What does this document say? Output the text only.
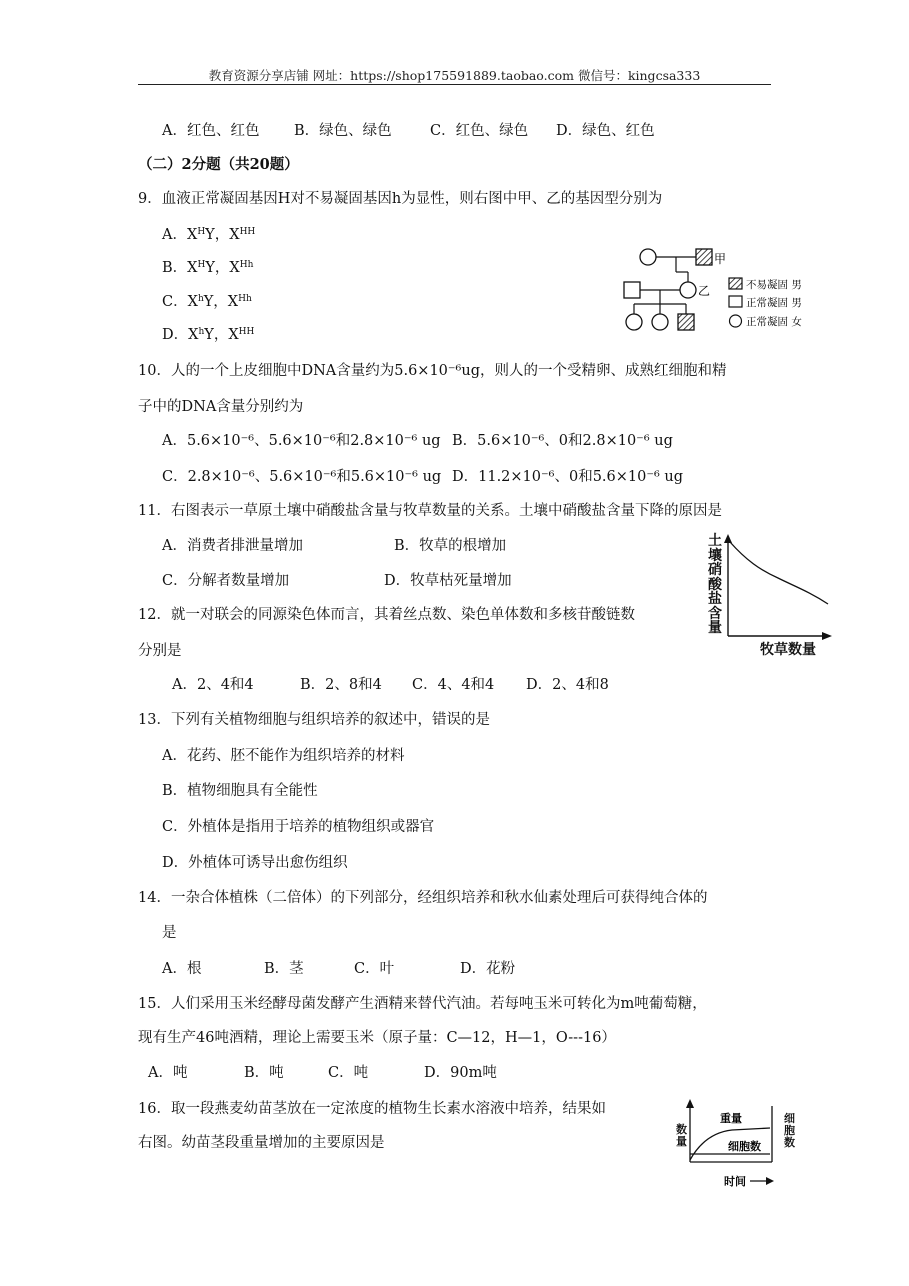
教育资源分享店铺 网址：https://shop175591889.taobao.com 微信号：kingcsa333
A．红色、红色 B．绿色、绿色	C．红色、绿色 D．绿色、红色
（二）2分题（共20题）
9．血液正常凝固基因H对不易凝固基因h为显性，则右图中甲、乙的基因型分别为
A．$X^HY$，$X^{HH}$
B．$X^HY$，$X^{Hh}$
C．$X^hY$，$X^{Hh}$
D．$X^hY$，$X^{HH}$
甲
乙	不易凝固 男
正常凝固 男
正常凝固 女
10．人的一个上皮细胞中DNA含量约为5.6×10⁻⁶ug，则人的一个受精卵、成熟红细胞和精
子中的DNA含量分别约为
A．5.6×10⁻⁶、5.6×10⁻⁶和2.8×10⁻⁶ ug B．5.6×10⁻⁶、0和2.8×10⁻⁶ ug
C．2.8×10⁻⁶、5.6×10⁻⁶和5.6×10⁻⁶ ug D．11.2×10⁻⁶、0和5.6×10⁻⁶ ug
11．右图表示一草原土壤中硝酸盐含量与牧草数量的关系。土壤中硝酸盐含量下降的原因是
A．消费者排泄量增加	B．牧草的根增加
C．分解者数量增加	D．牧草枯死量增加
土壤硝酸盐含量
牧草数量
12．就一对联会的同源染色体而言，其着丝点数、染色单体数和多核苷酸链数
分别是
A．2、4和4	B．2、8和4 C．4、4和4 D．2、4和8
13．下列有关植物细胞与组织培养的叙述中，错误的是
A．花药、胚不能作为组织培养的材料
B．植物细胞具有全能性
C．外植体是指用于培养的植物组织或器官
D．外植体可诱导出愈伤组织
14．一杂合体植株（二倍体）的下列部分，经组织培养和秋水仙素处理后可获得纯合体的
是
A．根	B．茎	C．叶	D．花粉
15．人们采用玉米经酵母菌发酵产生酒精来替代汽油。若每吨玉米可转化为m吨葡萄糖，
现有生产46吨酒精，理论上需要玉米（原子量：C—12，H—1，O---16）
A．吨	B．吨	C．吨	D．90m吨
16．取一段燕麦幼苗茎放在一定浓度的植物生长素水溶液中培养，结果如
右图。幼苗茎段重量增加的主要原因是
重量
细胞数
时间
数量
细胞数
